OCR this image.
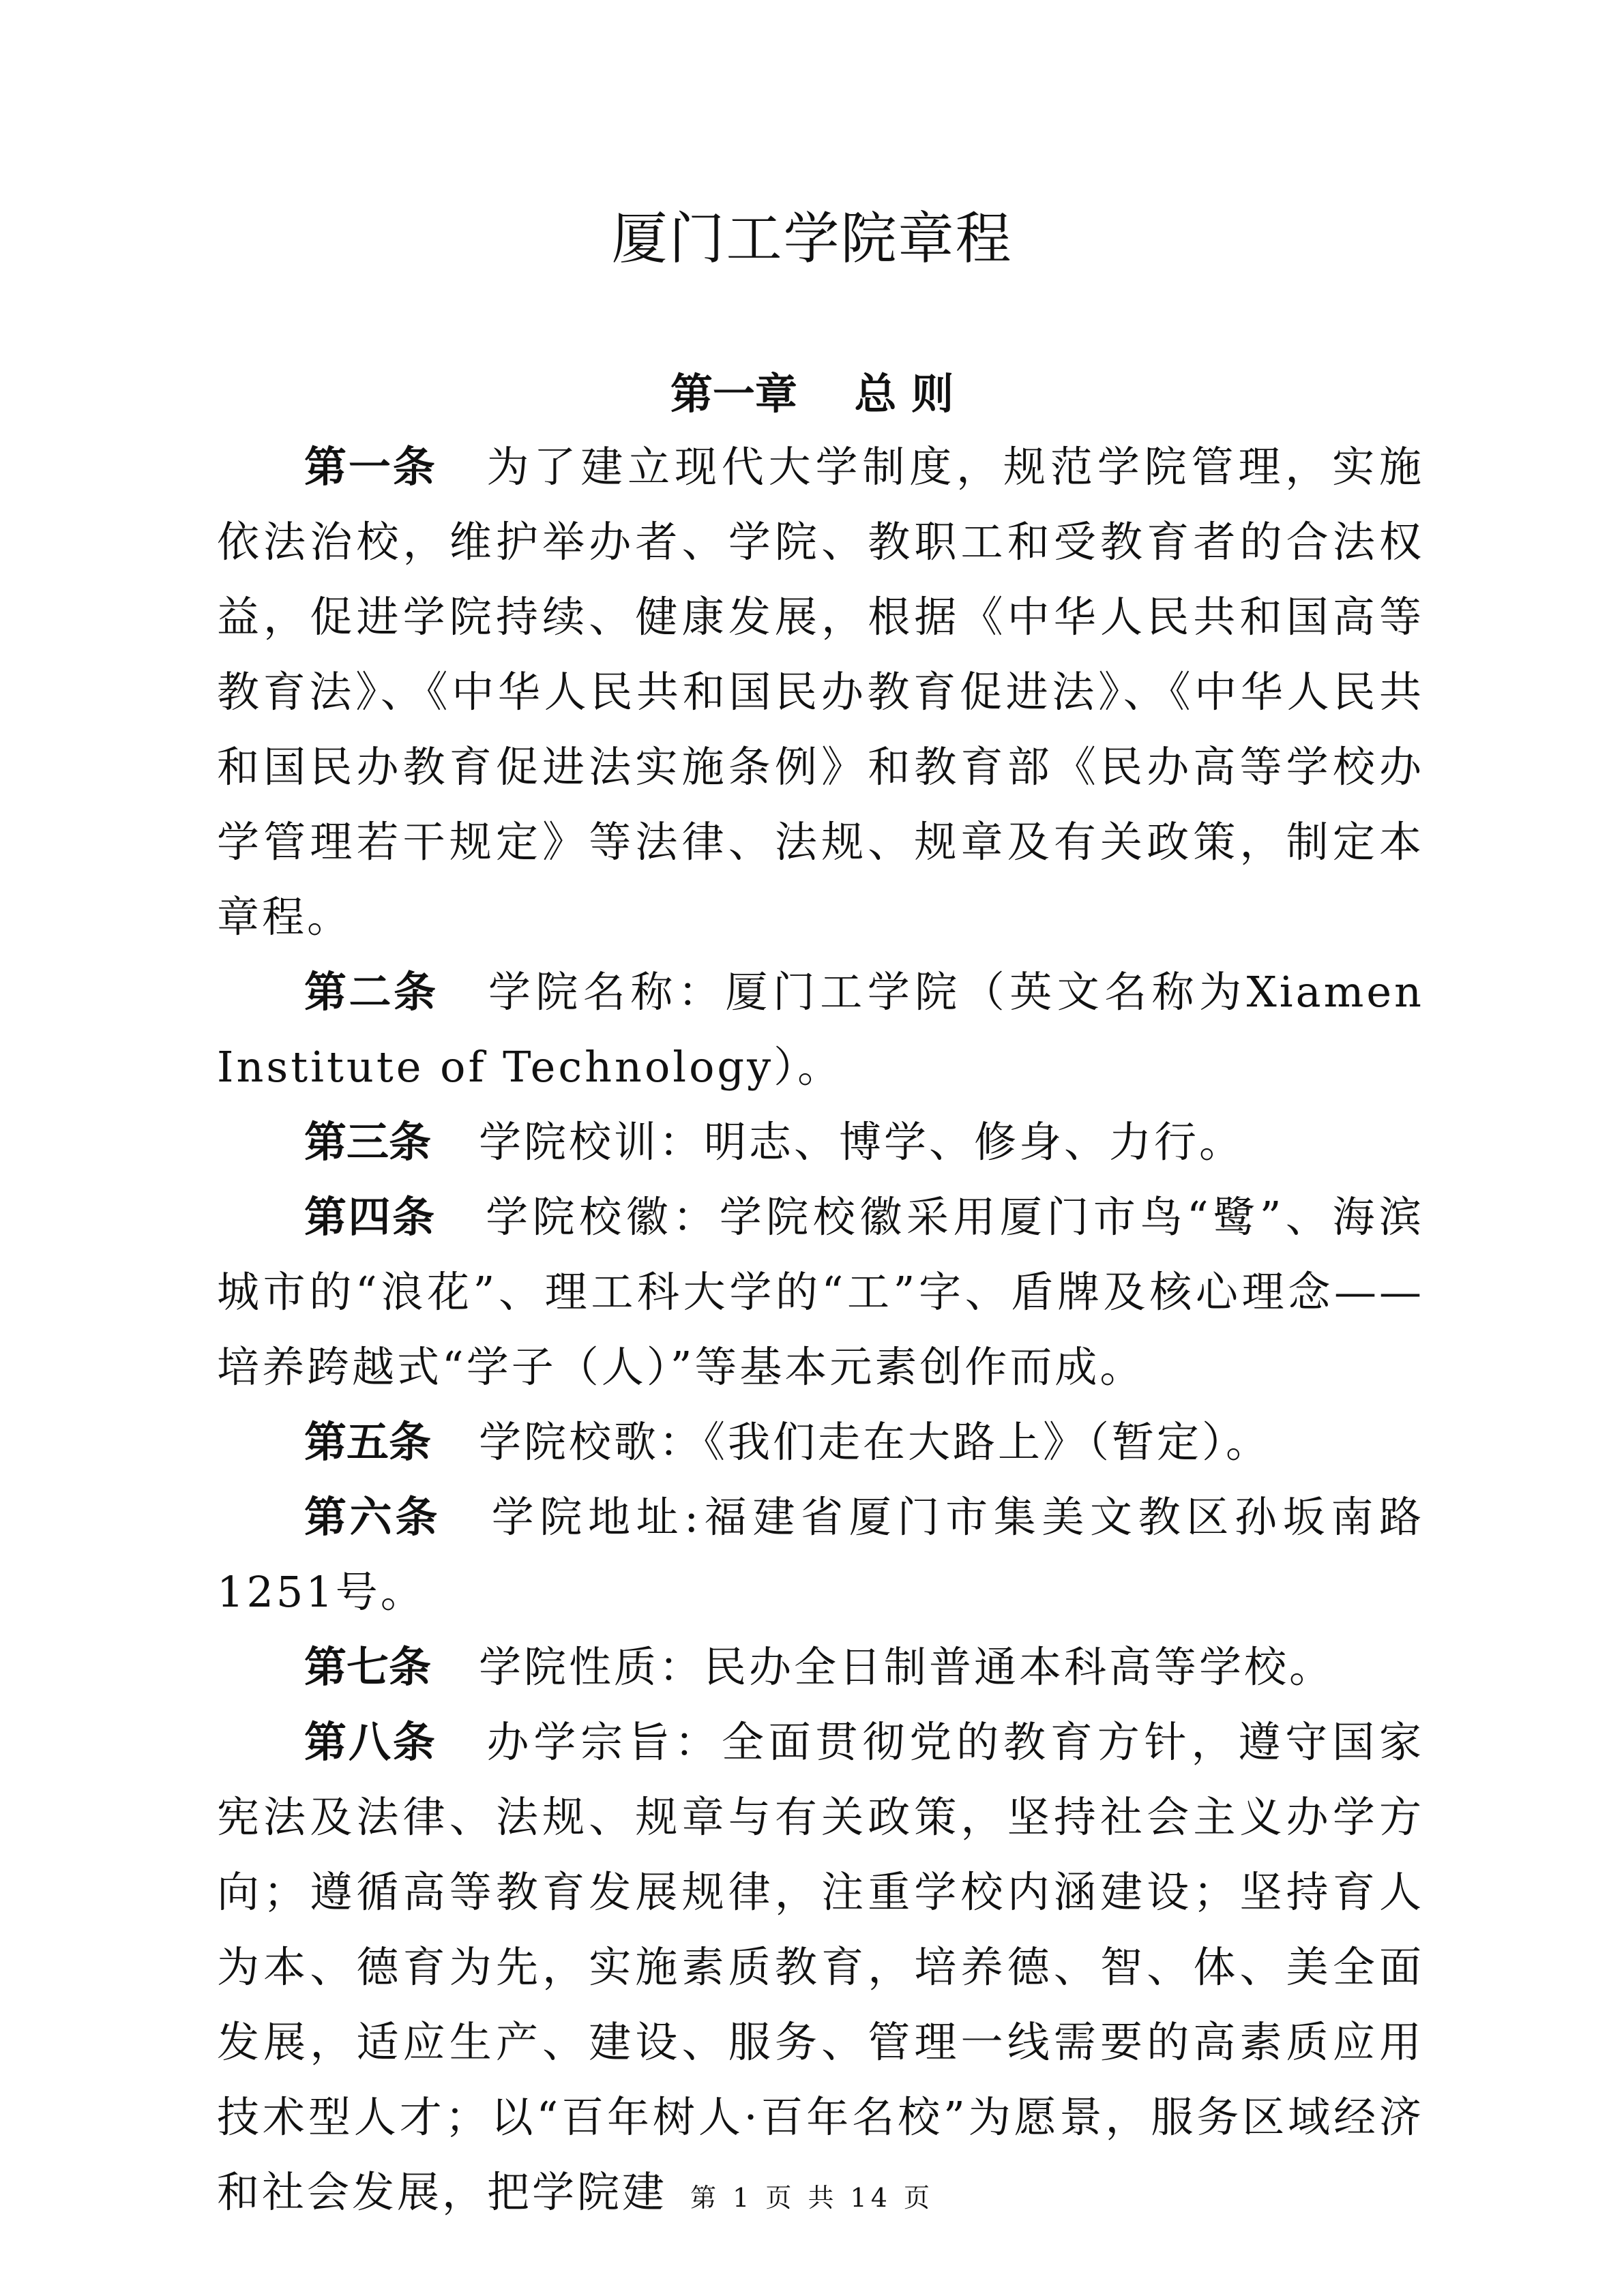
厦门工学院章程
第一章　 总 则

第一条 为了建立现代大学制度，规范学院管理，实施依法治校，维护举办者、学院、教职工和受教育者的合法权益，促进学院持续、健康发展，根据《中华人民共和国高等教育法》、《中华人民共和国民办教育促进法》、《中华人民共和国民办教育促进法实施条例》和教育部《民办高等学校办学管理若干规定》等法律、法规、规章及有关政策，制定本章程。

第二条 学院名称：厦门工学院（英文名称为Xiamen Institute of Technology）。

第三条 学院校训：明志、博学、修身、力行。

第四条 学院校徽：学院校徽采用厦门市鸟“鹭”、海滨城市的“浪花”、理工科大学的“工”字、盾牌及核心理念——培养跨越式“学子（人）”等基本元素创作而成。

第五条 学院校歌：《我们走在大路上》（暂定）。

第六条 学院地址:福建省厦门市集美文教区孙坂南路1251号。

第七条 学院性质：民办全日制普通本科高等学校。

第八条 办学宗旨：全面贯彻党的教育方针，遵守国家宪法及法律、法规、规章与有关政策，坚持社会主义办学方向；遵循高等教育发展规律，注重学校内涵建设；坚持育人为本、德育为先，实施素质教育，培养德、智、体、美全面发展，适应生产、建设、服务、管理一线需要的高素质应用技术型人才；以“百年树人·百年名校”为愿景，服务区域经济和社会发展，把学院建 第 1 页 共 14 页
